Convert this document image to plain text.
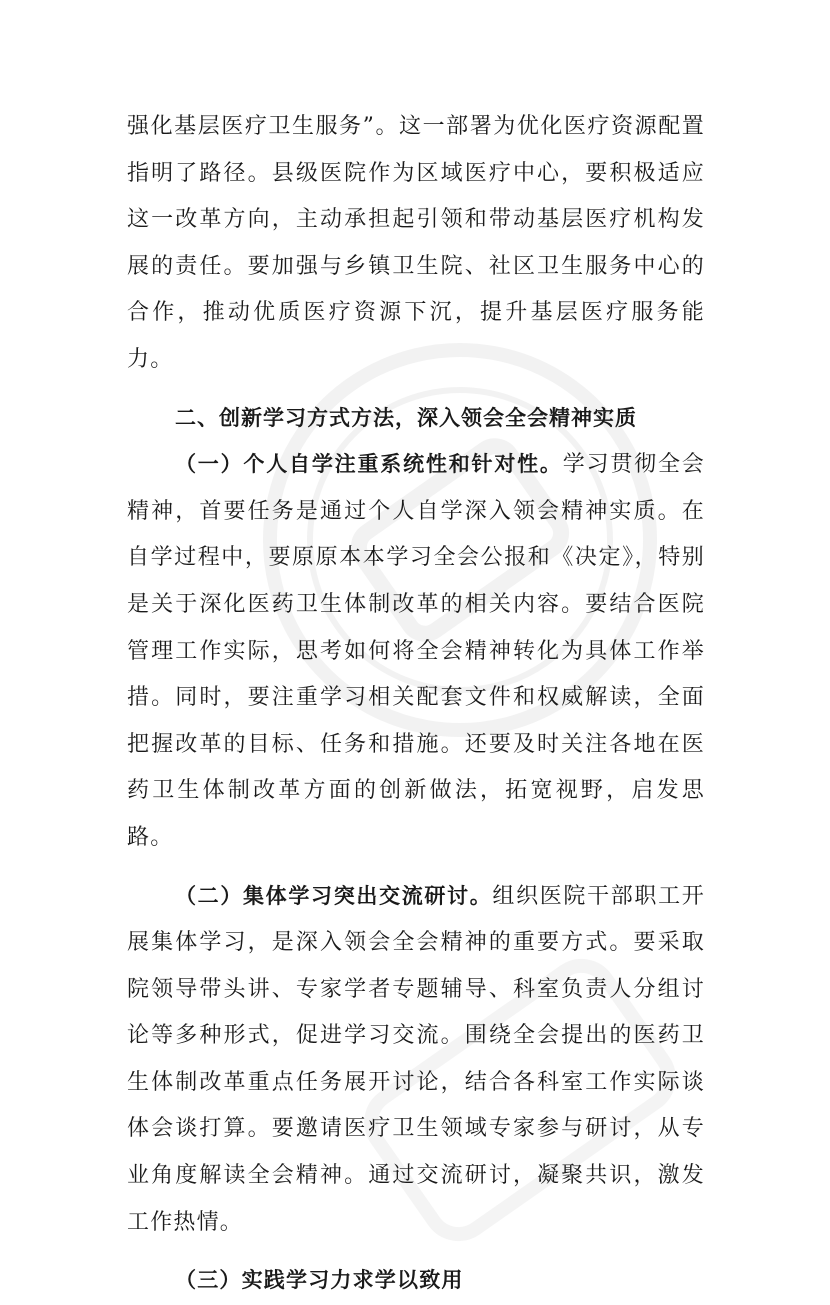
强化基层医疗卫生服务”。这一部署为优化医疗资源配置指明了路径。县级医院作为区域医疗中心，要积极适应这一改革方向，主动承担起引领和带动基层医疗机构发展的责任。要加强与乡镇卫生院、社区卫生服务中心的合作，推动优质医疗资源下沉，提升基层医疗服务能力。

二、创新学习方式方法，深入领会全会精神实质

（一）个人自学注重系统性和针对性。学习贯彻全会精神，首要任务是通过个人自学深入领会精神实质。在自学过程中，要原原本本学习全会公报和《决定》，特别是关于深化医药卫生体制改革的相关内容。要结合医院管理工作实际，思考如何将全会精神转化为具体工作举措。同时，要注重学习相关配套文件和权威解读，全面把握改革的目标、任务和措施。还要及时关注各地在医药卫生体制改革方面的创新做法，拓宽视野，启发思路。

（二）集体学习突出交流研讨。组织医院干部职工开展集体学习，是深入领会全会精神的重要方式。要采取院领导带头讲、专家学者专题辅导、科室负责人分组讨论等多种形式，促进学习交流。围绕全会提出的医药卫生体制改革重点任务展开讨论，结合各科室工作实际谈体会谈打算。要邀请医疗卫生领域专家参与研讨，从专业角度解读全会精神。通过交流研讨，凝聚共识，激发工作热情。

（三）实践学习力求学以致用
